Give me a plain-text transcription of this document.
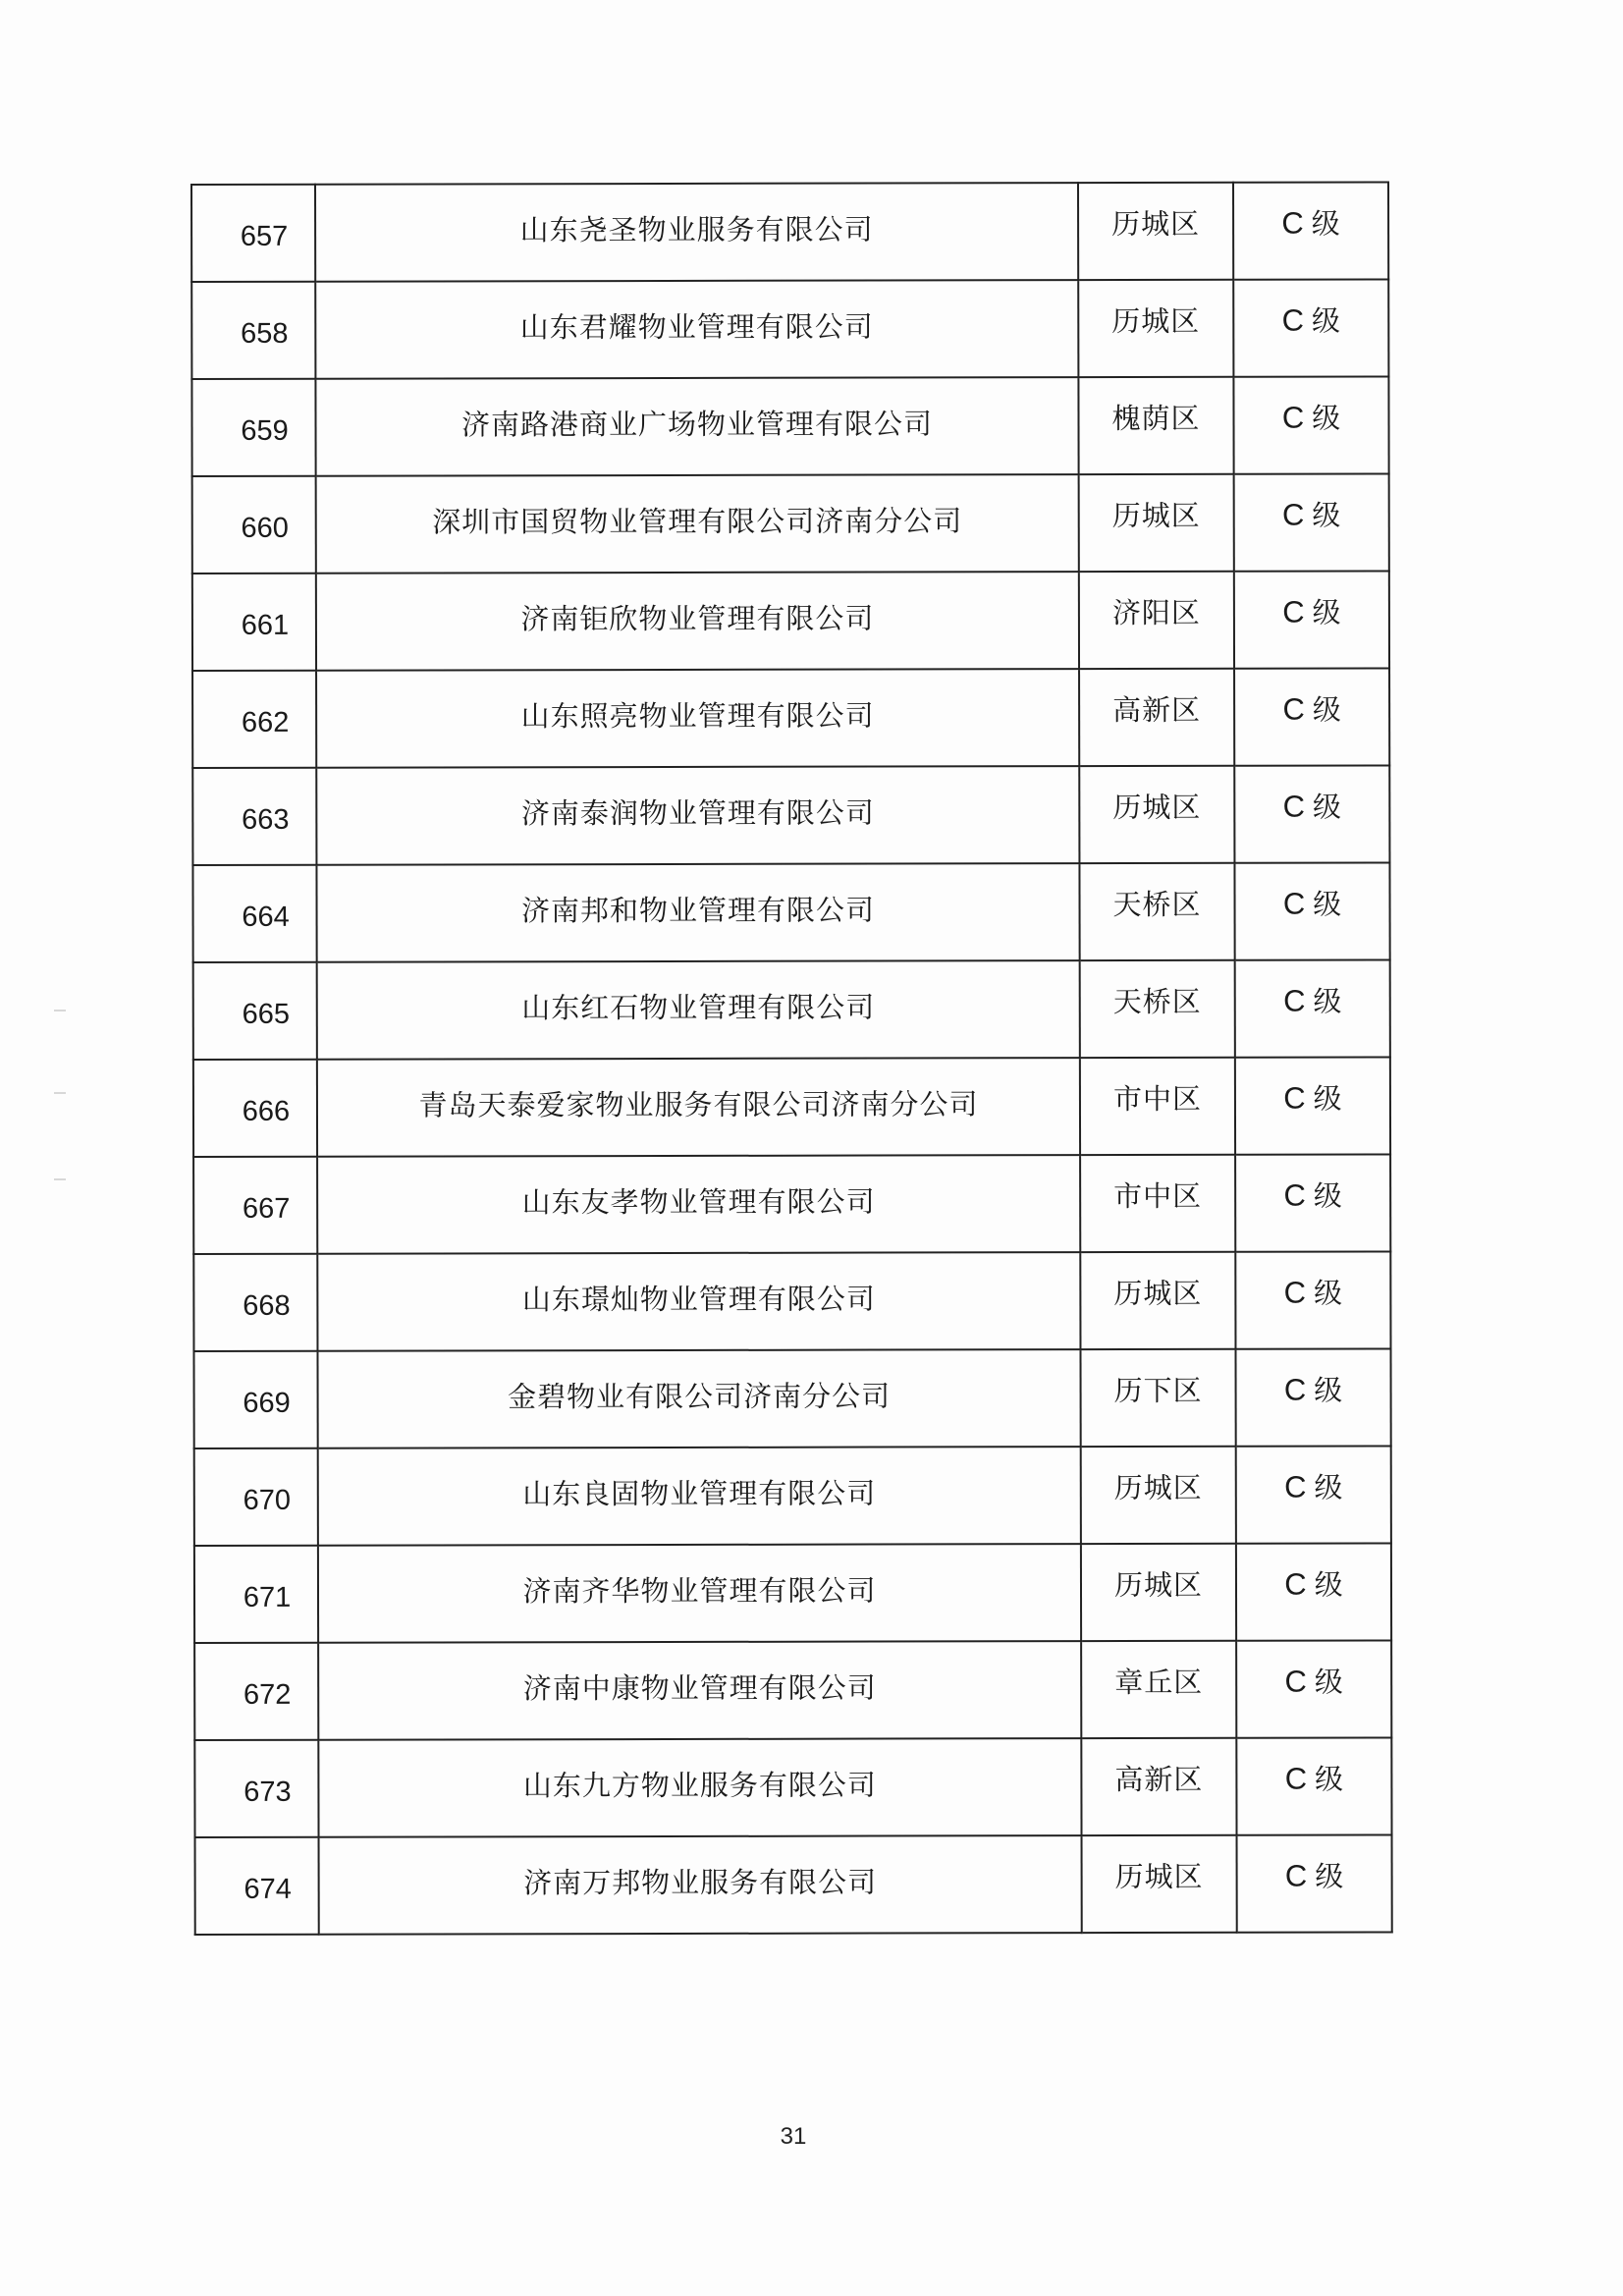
657	山东尧圣物业服务有限公司	历城区	C 级
658	山东君耀物业管理有限公司	历城区	C 级
659	济南路港商业广场物业管理有限公司	槐荫区	C 级
660	深圳市国贸物业管理有限公司济南分公司	历城区	C 级
661	济南钜欣物业管理有限公司	济阳区	C 级
662	山东照亮物业管理有限公司	高新区	C 级
663	济南泰润物业管理有限公司	历城区	C 级
664	济南邦和物业管理有限公司	天桥区	C 级
665	山东红石物业管理有限公司	天桥区	C 级
666	青岛天泰爱家物业服务有限公司济南分公司	市中区	C 级
667	山东友孝物业管理有限公司	市中区	C 级
668	山东璟灿物业管理有限公司	历城区	C 级
669	金碧物业有限公司济南分公司	历下区	C 级
670	山东良固物业管理有限公司	历城区	C 级
671	济南齐华物业管理有限公司	历城区	C 级
672	济南中康物业管理有限公司	章丘区	C 级
673	山东九方物业服务有限公司	高新区	C 级
674	济南万邦物业服务有限公司	历城区	C 级
31
